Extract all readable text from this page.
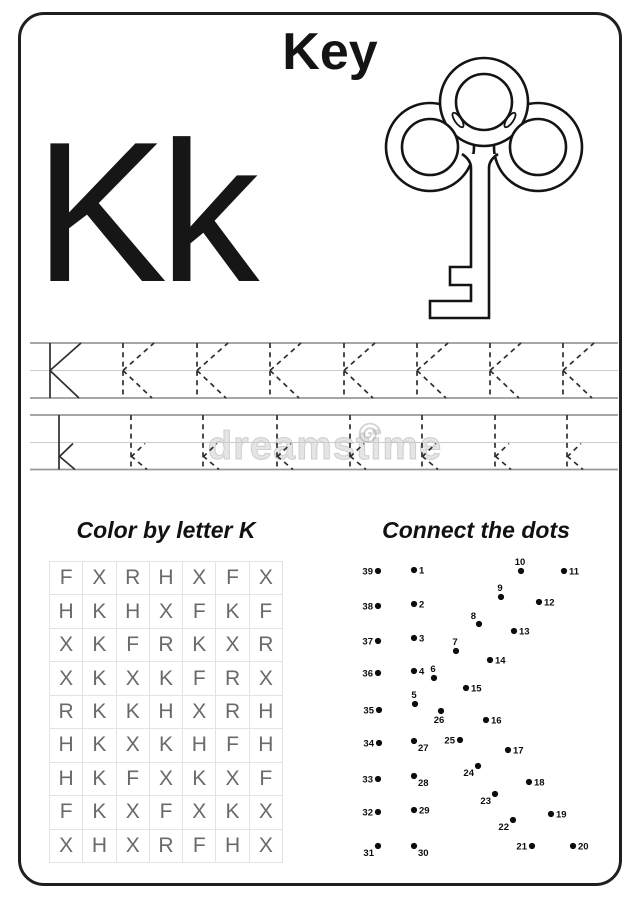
Key
Kk
dreamstime
Color by letter K	Connect the dots
F X R H X F X
H K H X F K F
X K F R K X R
X K X K F R X
R K K H X R H
H K X K H F H
H K F X K X F
F K X F X K X
X H X R F H X
1
2
3
4
5
6
7
8
9
10
11
12
13
14
15
16
17
18
19
20
21
22
23
24
25
26
27
28
29
30
31
32
33
34
35
36
37
38
39
